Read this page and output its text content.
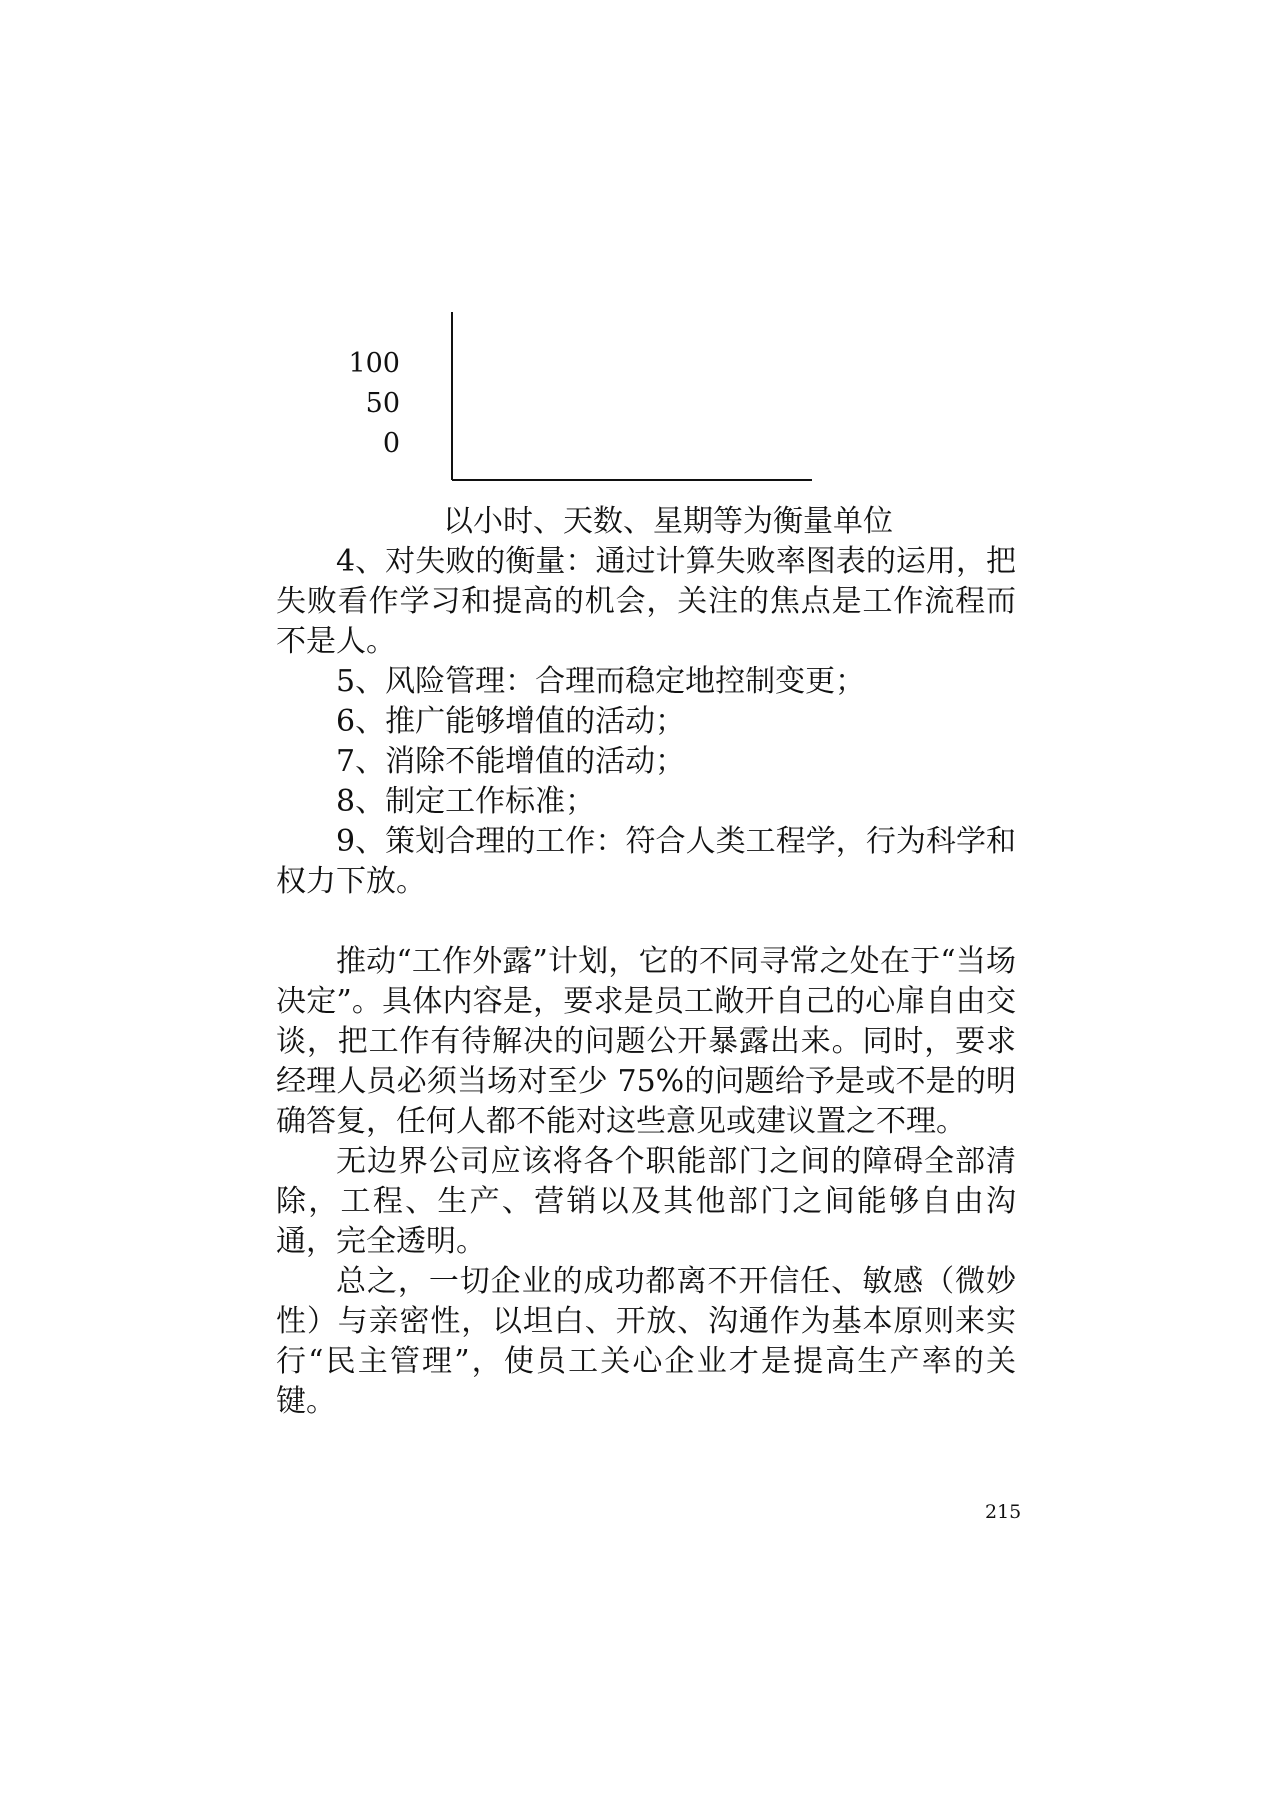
100
50
0
以小时、天数、星期等为衡量单位

4、对失败的衡量：通过计算失败率图表的运用，把失败看作学习和提高的机会，关注的焦点是工作流程而不是人。

5、风险管理：合理而稳定地控制变更；

6、推广能够增值的活动；

7、消除不能增值的活动；

8、制定工作标准；

9、策划合理的工作：符合人类工程学，行为科学和权力下放。

推动“工作外露”计划，它的不同寻常之处在于“当场决定”。具体内容是，要求是员工敞开自己的心扉自由交谈，把工作有待解决的问题公开暴露出来。同时，要求经理人员必须当场对至少 75%的问题给予是或不是的明确答复，任何人都不能对这些意见或建议置之不理。

无边界公司应该将各个职能部门之间的障碍全部清除，工程、生产、营销以及其他部门之间能够自由沟通，完全透明。

总之，一切企业的成功都离不开信任、敏感（微妙性）与亲密性，以坦白、开放、沟通作为基本原则来实行“民主管理”，使员工关心企业才是提高生产率的关键。

215
